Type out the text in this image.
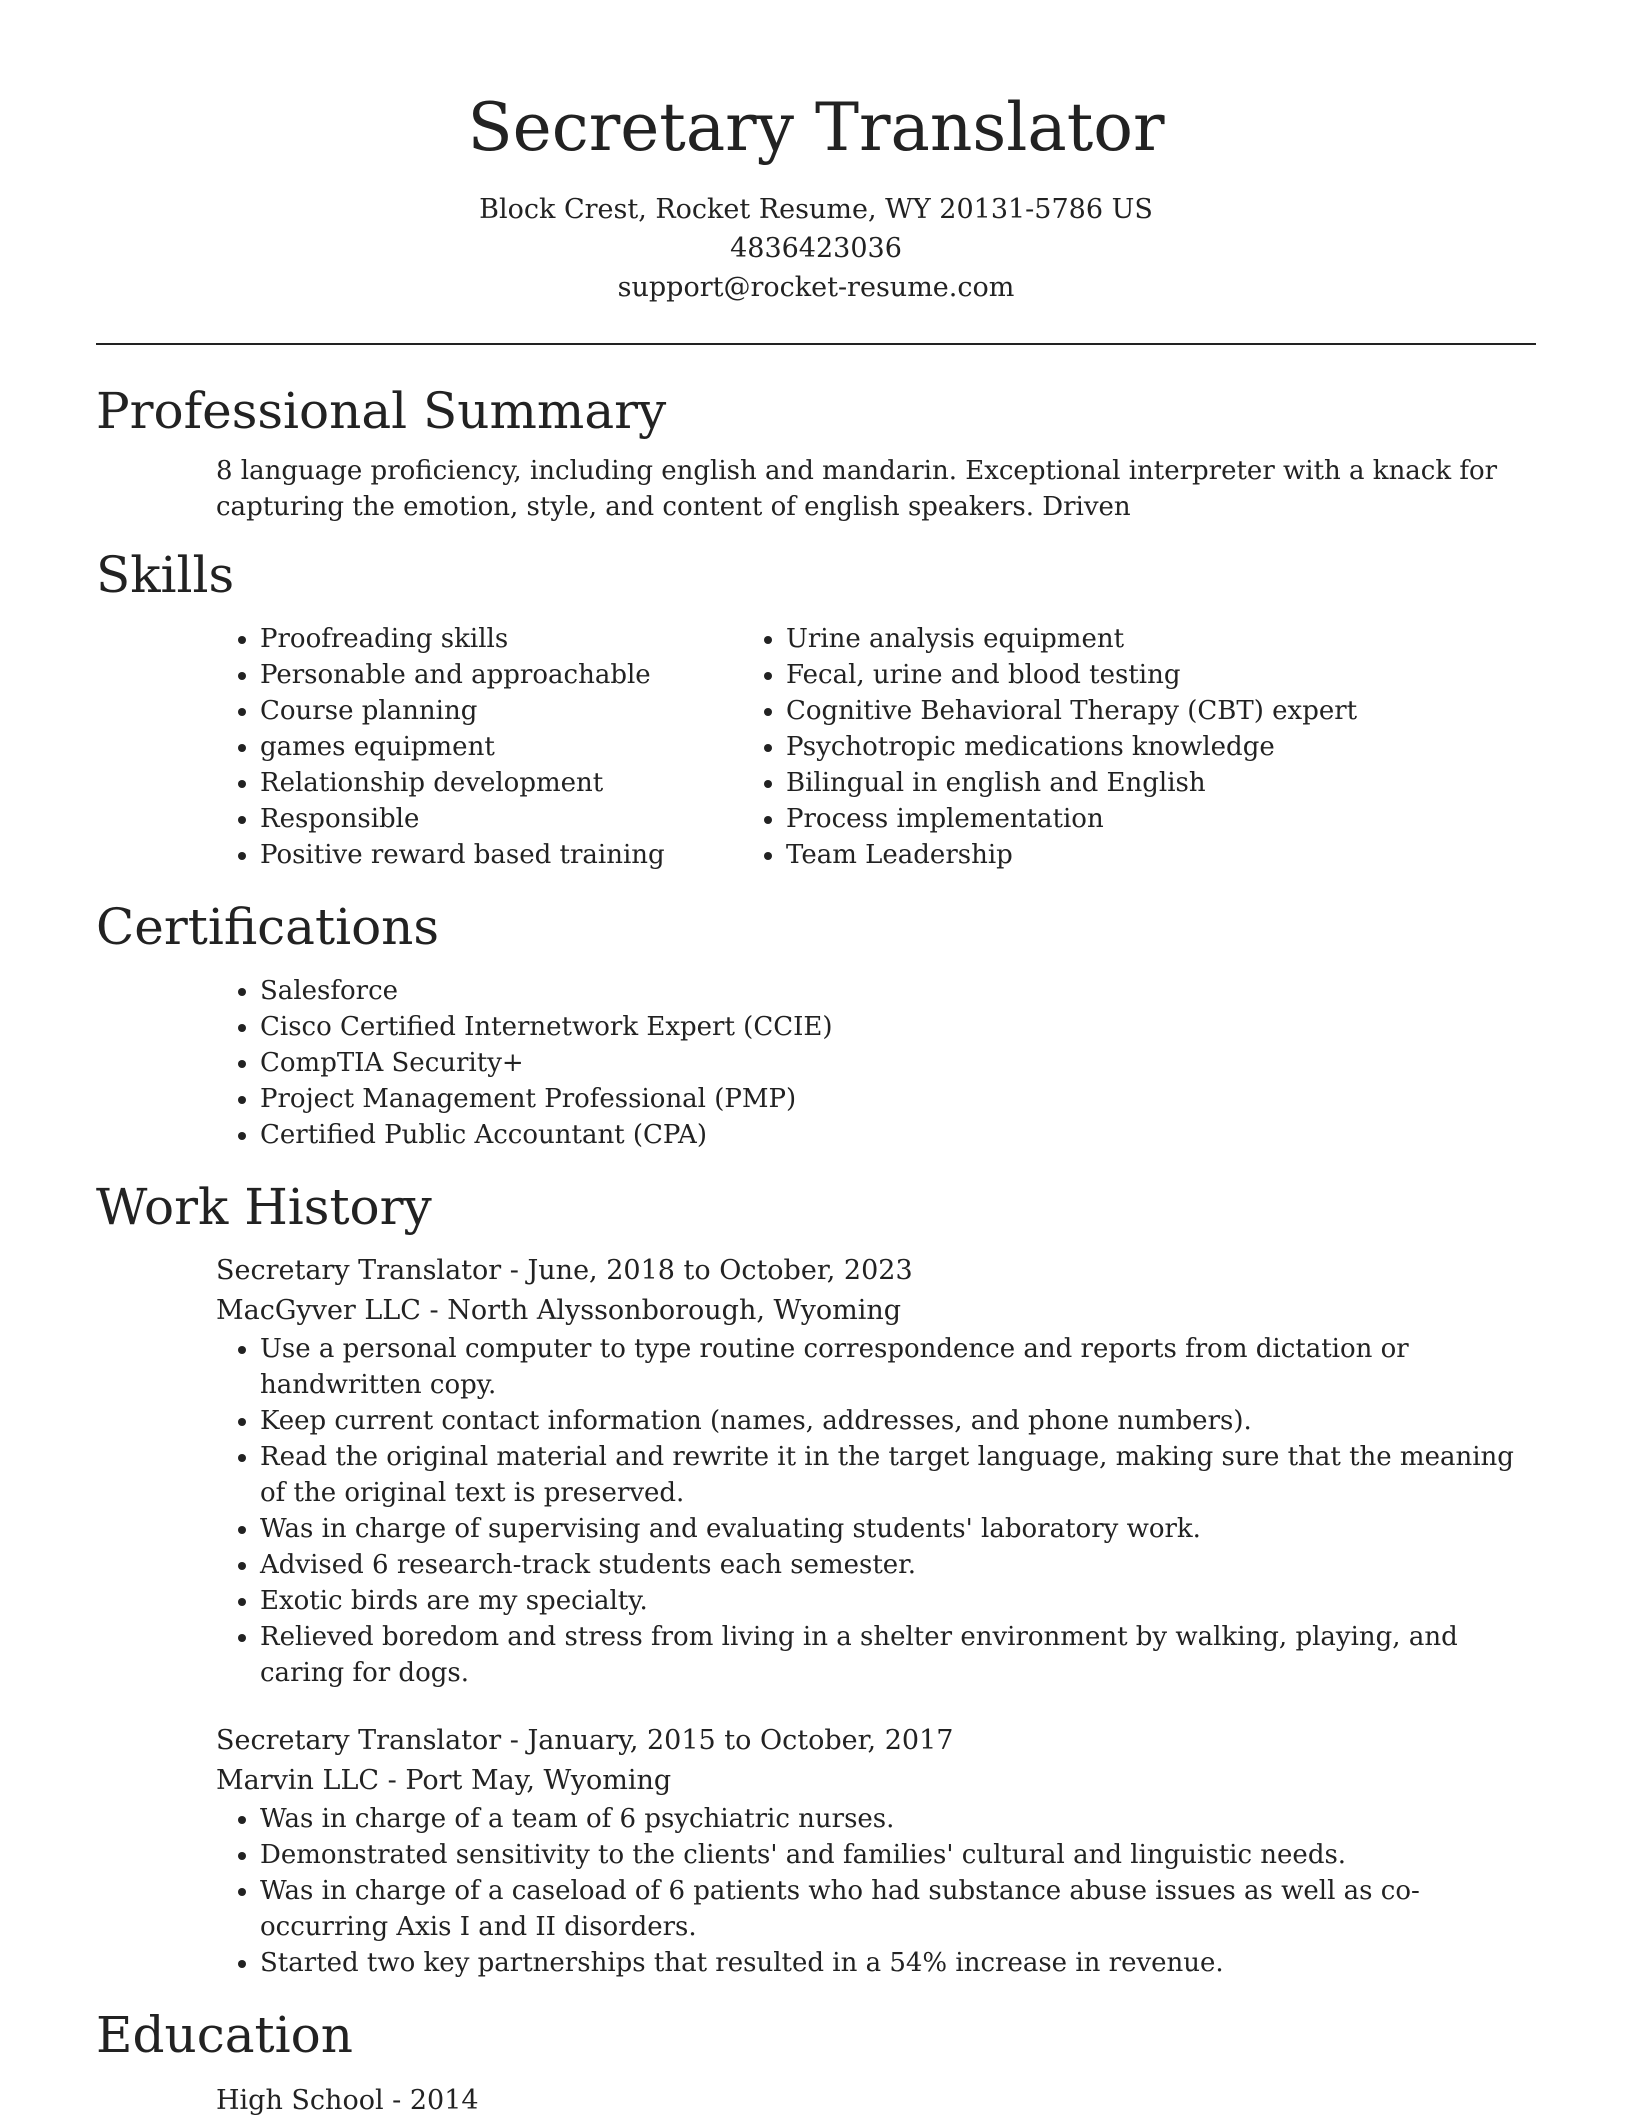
Secretary Translator

Block Crest, Rocket Resume, WY 20131-5786 US

4836423036

support@rocket-resume.com

Professional Summary

8 language proficiency, including english and mandarin. Exceptional interpreter with a knack for capturing the emotion, style, and content of english speakers. Driven

Skills
• Proofreading skills
• Personable and approachable
• Course planning
• games equipment
• Relationship development
• Responsible
• Positive reward based training
• Urine analysis equipment
• Fecal, urine and blood testing
• Cognitive Behavioral Therapy (CBT) expert
• Psychotropic medications knowledge
• Bilingual in english and English
• Process implementation
• Team Leadership
Certifications
• Salesforce
• Cisco Certified Internetwork Expert (CCIE)
• CompTIA Security+
• Project Management Professional (PMP)
• Certified Public Accountant (CPA)
Work History

Secretary Translator - June, 2018 to October, 2023

MacGyver LLC - North Alyssonborough, Wyoming

• Use a personal computer to type routine correspondence and reports from dictation or handwritten copy.
• Keep current contact information (names, addresses, and phone numbers).
• Read the original material and rewrite it in the target language, making sure that the meaning of the original text is preserved.
• Was in charge of supervising and evaluating students' laboratory work.
• Advised 6 research-track students each semester.
• Exotic birds are my specialty.
• Relieved boredom and stress from living in a shelter environment by walking, playing, and caring for dogs.

Secretary Translator - January, 2015 to October, 2017

Marvin LLC - Port May, Wyoming

• Was in charge of a team of 6 psychiatric nurses.
• Demonstrated sensitivity to the clients' and families' cultural and linguistic needs.
• Was in charge of a caseload of 6 patients who had substance abuse issues as well as co-occurring Axis I and II disorders.
• Started two key partnerships that resulted in a 54% increase in revenue.
Education

High School - 2014
